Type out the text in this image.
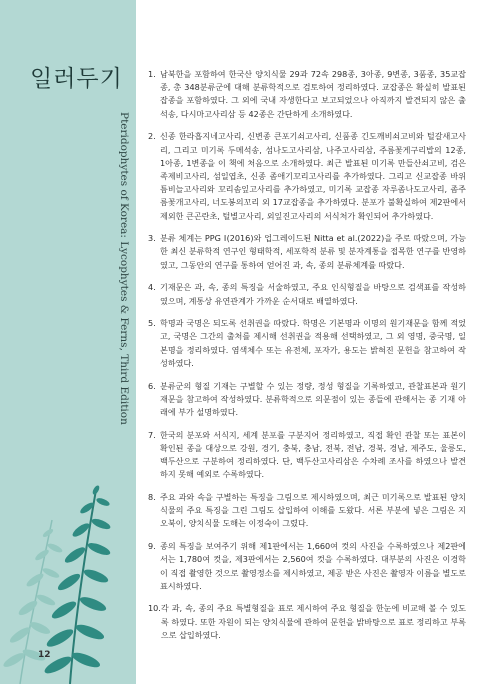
일러두기
Pteridophytes of Korea: Lycophytes & Ferns, Third Edition
12
1. 남북한을 포함하여 한국산 양치식물 29과 72속 298종, 3아종, 9변종, 3품종, 35교잡종, 총 348분류군에 대해 분류학적으로 검토하여 정리하였다. 교잡종은 확실히 발표된 잡종을 포함하였다. 그 외에 국내 자생한다고 보고되었으나 아직까지 발견되지 않은 출석송, 다시마고사리삼 등 42종은 간단하게 소개하였다.
2. 신종 한라흡지네고사리, 신변종 큰포기쇠고사리, 신품종 긴도깨비쇠고비와 털갈새고사리, 그리고 미기록 두메석송, 섬나도고사리삼, 나주고사리삼, 주름꽃게구리밥의 12종, 1아종, 1변종을 이 책에 처음으로 소개하였다. 최근 발표된 미기록 만들산쇠고비, 검은족제비고사리, 섬일엽초, 신종 좀애기꼬리고사리를 추가하였다. 그리고 신교잡종 바위틈비늘고사리와 꼬리솜잎고사리를 추가하였고, 미기록 교잡종 자루좀나도고사리, 좀주름꽃개고사리, 너도봉의꼬리 외 17교잡종을 추가하였다. 분포가 불확실하여 제2판에서 제외한 큰곤란초, 털별고사리, 외잎진고사리의 서식처가 확인되어 추가하였다.
3. 분류 체계는 PPG Ⅰ(2016)와 업그레이드된 Nitta et al.(2022)을 주로 따랐으며, 가능한 최신 분류학적 연구인 형태학적, 세포학적 분류 및 분자계통을 접목한 연구를 반영하였고, 그동안의 연구를 통하여 얻어진 과, 속, 종의 분류체계를 따랐다.
4. 기재문은 과, 속, 종의 특징을 서술하였고, 주요 인식형질을 바탕으로 검색표를 작성하였으며, 계통상 유연관계가 가까운 순서대로 배열하였다.
5. 학명과 국명은 되도록 선취권을 따랐다. 학명은 기본명과 이명의 원기재문을 함께 적었고, 국명은 그간의 출처를 제시해 선취권을 적용해 선택하였고, 그 외 영명, 중국명, 일본명을 정리하였다. 염색체수 또는 유전체, 포자가, 용도는 밝혀진 문헌을 참고하여 작성하였다.
6. 분류군의 형질 기재는 구별할 수 있는 정량, 정성 형질을 기록하였고, 관찰표본과 원기재문을 참고하여 작성하였다. 분류학적으로 의문점이 있는 종들에 관해서는 종 기재 아래에 부가 설명하였다.
7. 한국의 분포와 서식지, 세계 분포를 구분지어 정리하였고, 직접 확인 관찰 또는 표본이 확인된 종을 대상으로 강원, 경기, 충북, 충남, 전북, 전남, 경북, 경남, 제주도, 울릉도, 백두산으로 구분하여 정리하였다. 단, 백두산고사리삼은 수차례 조사를 하였으나 발견하지 못해 예외로 수록하였다.
8. 주요 과와 속을 구별하는 특징을 그림으로 제시하였으며, 최근 미기록으로 발표된 양치식물의 주요 특징을 그린 그림도 삽입하여 이해를 도왔다. 서론 부분에 넣은 그림은 지오북이, 양치식물 도해는 이정숙이 그렸다.
9. 종의 특징을 보여주기 위해 제1판에서는 1,660여 컷의 사진을 수록하였으나 제2판에서는 1,780여 컷을, 제3판에서는 2,560여 컷을 수록하였다. 대부분의 사진은 이경학이 직접 촬영한 것으로 촬영정소를 제시하였고, 제공 받은 사진은 촬영자 이름을 별도로 표시하였다.
10. 각 과, 속, 종의 주요 특별형질을 표로 제시하여 주요 형질을 한눈에 비교해 볼 수 있도록 하였다. 또한 자원이 되는 양치식물에 관하여 문헌을 밝바탕으로 표로 정리하고 부록으로 삽입하였다.
